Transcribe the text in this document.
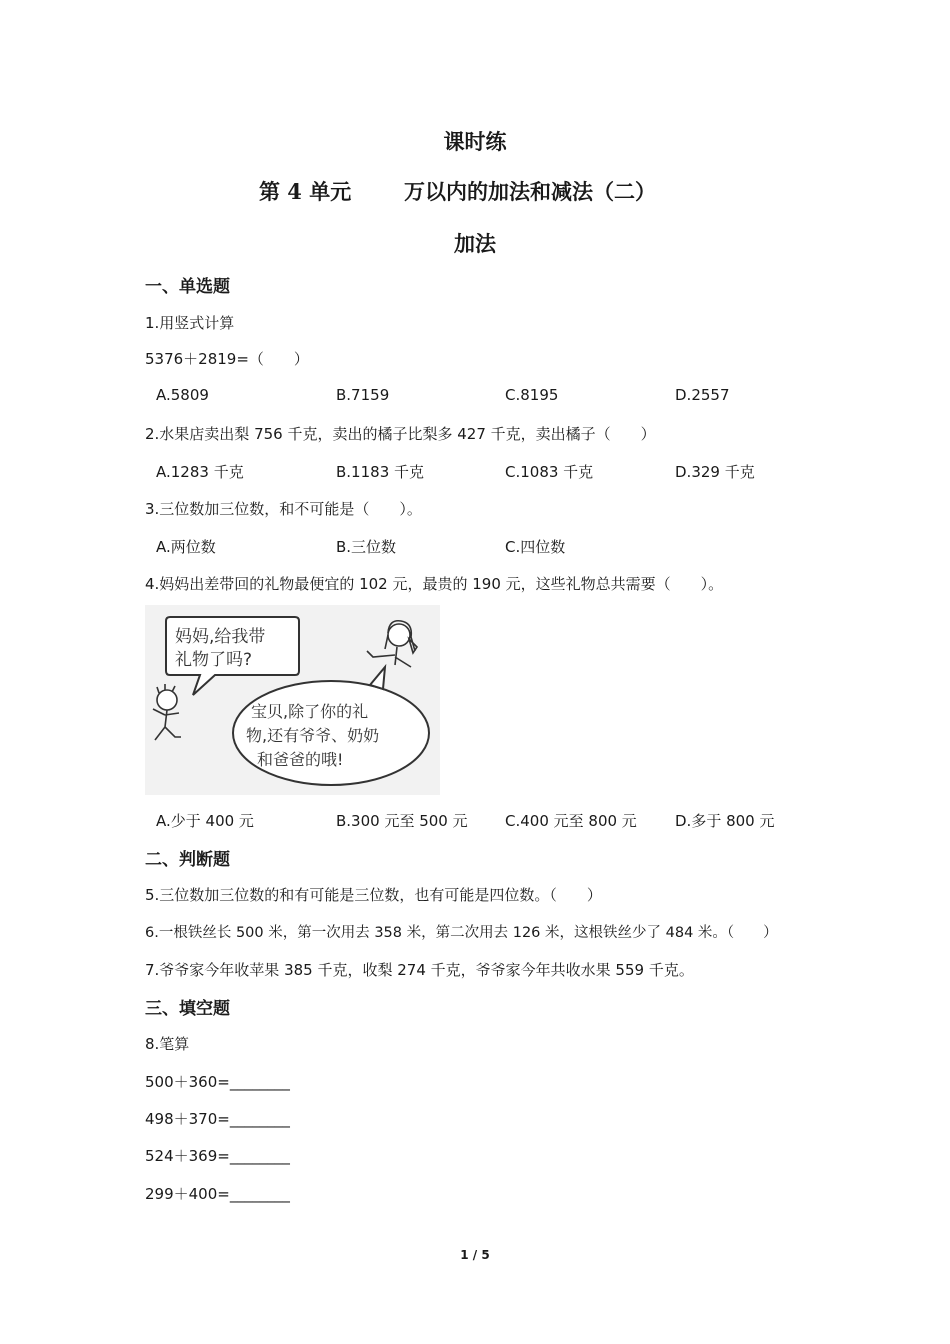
课时练
第 4 单元	万以内的加法和减法（二）
加法
一、单选题
1.用竖式计算
5376＋2819=（　　）
A.5809	B.7159	C.8195	D.2557
2.水果店卖出梨 756 千克，卖出的橘子比梨多 427 千克，卖出橘子（　　）
A.1283 千克	B.1183 千克	C.1083 千克	D.329 千克
3.三位数加三位数，和不可能是（　　）。
A.两位数	B.三位数	C.四位数
4.妈妈出差带回的礼物最便宜的 102 元，最贵的 190 元，这些礼物总共需要（　　）。
妈妈,给我带
礼物了吗?
宝贝,除了你的礼
物,还有爷爷、奶奶
和爸爸的哦!
A.少于 400 元	B.300 元至 500 元 C.400 元至 800 元	D.多于 800 元
二、判断题
5.三位数加三位数的和有可能是三位数，也有可能是四位数。（　　）
6.一根铁丝长 500 米，第一次用去 358 米，第二次用去 126 米，这根铁丝少了 484 米。（　　）
7.爷爷家今年收苹果 385 千克，收梨 274 千克，爷爷家今年共收水果 559 千克。
三、填空题
8.笔算
500＋360=________
498＋370=________
524＋369=________
299＋400=________
1 / 5
